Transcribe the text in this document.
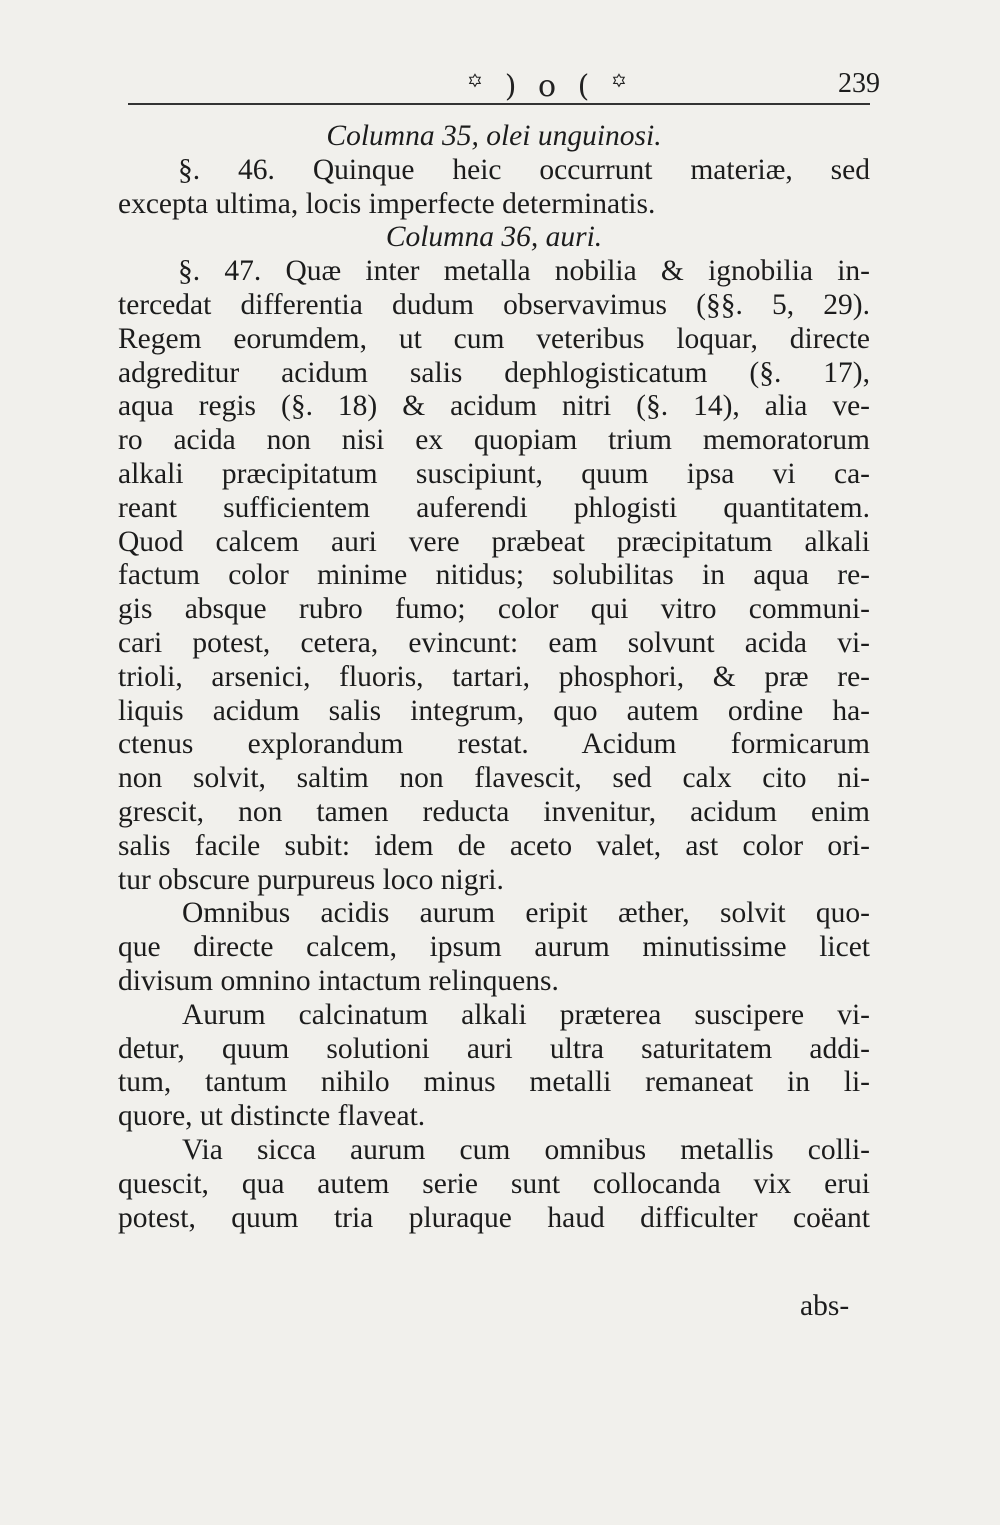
꙳ ) o ( ꙳	239
Columna 35, olei unguinosi.
§. 46. Quinque heic occurrunt materiæ, sed
excepta ultima, locis imperfecte determinatis.
Columna 36, auri.
§. 47. Quæ inter metalla nobilia & ignobilia in-
tercedat differentia dudum observavimus (§§. 5, 29).
Regem eorumdem, ut cum veteribus loquar, directe
adgreditur acidum salis dephlogisticatum (§. 17),
aqua regis (§. 18) & acidum nitri (§. 14), alia ve-
ro acida non nisi ex quopiam trium memoratorum
alkali præcipitatum suscipiunt, quum ipsa vi ca-
reant sufficientem auferendi phlogisti quantitatem.
Quod calcem auri vere præbeat præcipitatum alkali
factum color minime nitidus; solubilitas in aqua re-
gis absque rubro fumo; color qui vitro communi-
cari potest, cetera, evincunt: eam solvunt acida vi-
trioli, arsenici, fluoris, tartari, phosphori, & præ re-
liquis acidum salis integrum, quo autem ordine ha-
ctenus explorandum restat. Acidum formicarum
non solvit, saltim non flavescit, sed calx cito ni-
grescit, non tamen reducta invenitur, acidum enim
salis facile subit: idem de aceto valet, ast color ori-
tur obscure purpureus loco nigri.
Omnibus acidis aurum eripit æther, solvit quo-
que directe calcem, ipsum aurum minutissime licet
divisum omnino intactum relinquens.
Aurum calcinatum alkali præterea suscipere vi-
detur, quum solutioni auri ultra saturitatem addi-
tum, tantum nihilo minus metalli remaneat in li-
quore, ut distincte flaveat.
Via sicca aurum cum omnibus metallis colli-
quescit, qua autem serie sunt collocanda vix erui
potest, quum tria pluraque haud difficulter coëant
abs-
